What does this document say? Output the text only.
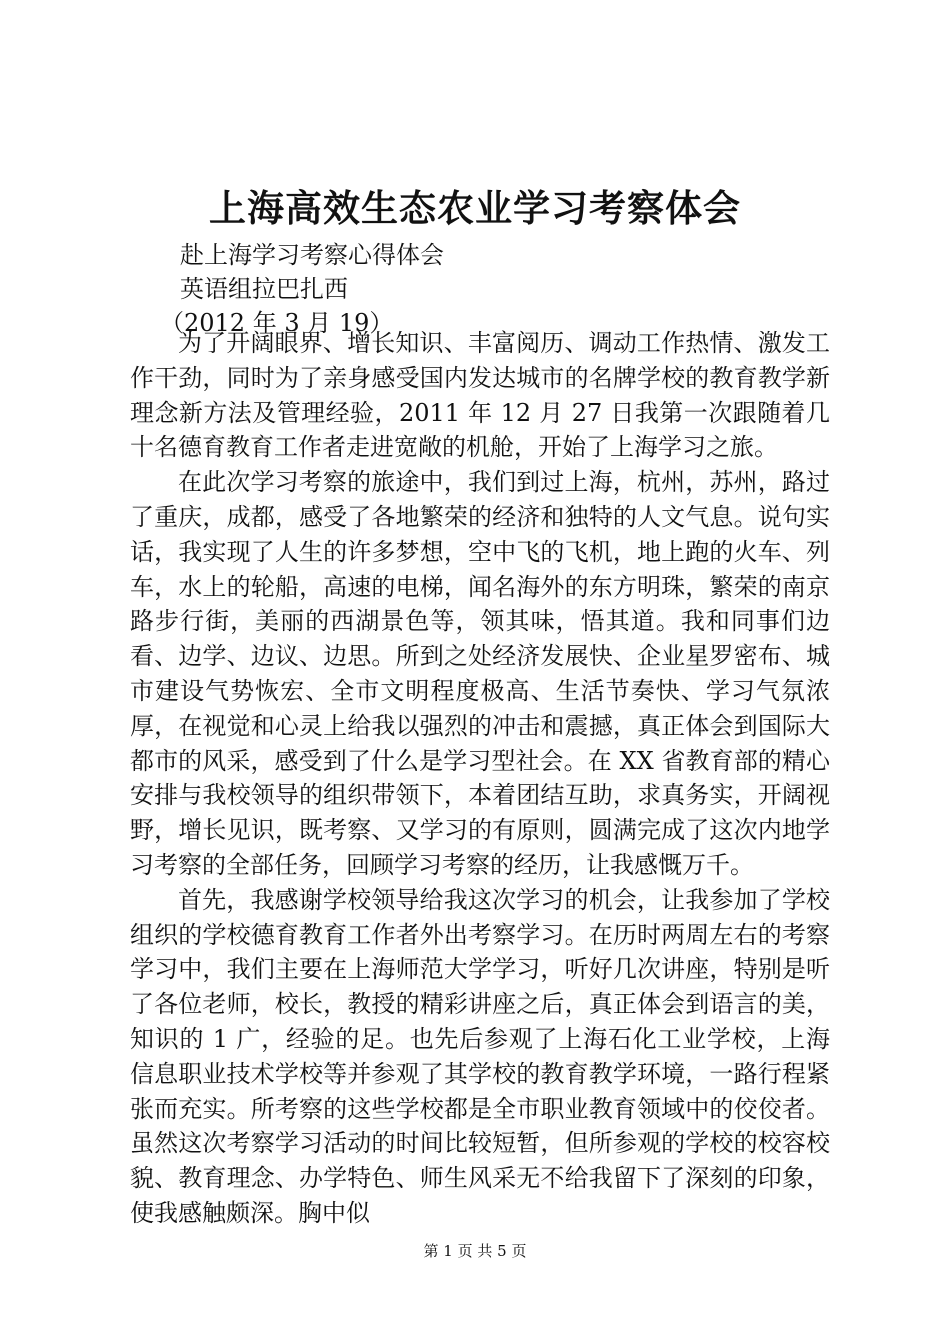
上海高效生态农业学习考察体会
赴上海学习考察心得体会
英语组拉巴扎西
（2012 年 3 月 19）

为了开阔眼界、增长知识、丰富阅历、调动工作热情、激发工作干劲，同时为了亲身感受国内发达城市的名牌学校的教育教学新理念新方法及管理经验，2011 年 12 月 27 日我第一次跟随着几十名德育教育工作者走进宽敞的机舱，开始了上海学习之旅。

在此次学习考察的旅途中，我们到过上海，杭州，苏州，路过了重庆，成都，感受了各地繁荣的经济和独特的人文气息。说句实话，我实现了人生的许多梦想，空中飞的飞机，地上跑的火车、列车，水上的轮船，高速的电梯，闻名海外的东方明珠，繁荣的南京路步行街，美丽的西湖景色等，领其味，悟其道。我和同事们边看、边学、边议、边思。所到之处经济发展快、企业星罗密布、城市建设气势恢宏、全市文明程度极高、生活节奏快、学习气氛浓厚，在视觉和心灵上给我以强烈的冲击和震撼，真正体会到国际大都市的风采，感受到了什么是学习型社会。在 XX 省教育部的精心安排与我校领导的组织带领下，本着团结互助，求真务实，开阔视野，增长见识，既考察、又学习的有原则，圆满完成了这次内地学习考察的全部任务，回顾学习考察的经历，让我感慨万千。

首先，我感谢学校领导给我这次学习的机会，让我参加了学校组织的学校德育教育工作者外出考察学习。在历时两周左右的考察学习中，我们主要在上海师范大学学习，听好几次讲座，特别是听了各位老师，校长，教授的精彩讲座之后，真正体会到语言的美，知识的 1 广，经验的足。也先后参观了上海石化工业学校，上海信息职业技术学校等并参观了其学校的教育教学环境，一路行程紧张而充实。所考察的这些学校都是全市职业教育领域中的佼佼者。虽然这次考察学习活动的时间比较短暂，但所参观的学校的校容校貌、教育理念、办学特色、师生风采无不给我留下了深刻的印象，使我感触颇深。胸中似

第 1 页 共 5 页
